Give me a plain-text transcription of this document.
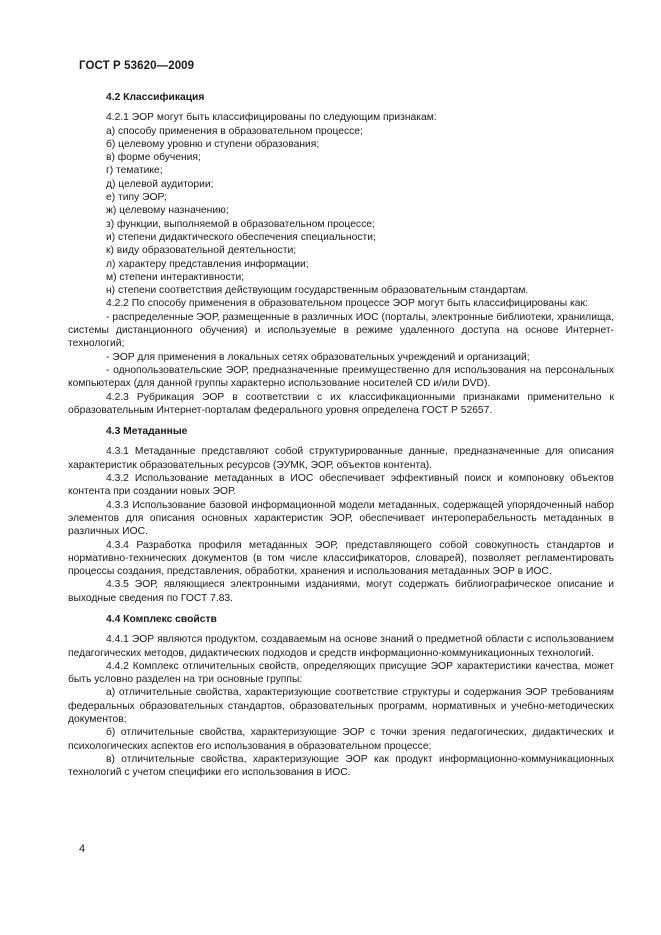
ГОСТ Р 53620—2009

4.2 Классификация

4.2.1 ЭОР могут быть классифицированы по следующим признакам:

а) способу применения в образовательном процессе;

б) целевому уровню и ступени образования;

в) форме обучения;

г) тематике;

д) целевой аудитории;

е) типу ЭОР;

ж) целевому назначению;

з) функции, выполняемой в образовательном процессе;

и) степени дидактического обеспечения специальности;

к) виду образовательной деятельности;

л) характеру представления информации;

м) степени интерактивности;

н) степени соответствия действующим государственным образовательным стандартам.

4.2.2 По способу применения в образовательном процессе ЭОР могут быть классифицированы как:

- распределенные ЭОР, размещенные в различных ИОС (порталы, электронные библиотеки, хранилища, системы дистанционного обучения) и используемые в режиме удаленного доступа на основе Интернет-технологий;

- ЭОР для применения в локальных сетях образовательных учреждений и организаций;

- однопользовательские ЭОР, предназначенные преимущественно для использования на персональных компьютерах (для данной группы характерно использование носителей CD и/или DVD).

4.2.3 Рубрикация ЭОР в соответствии с их классификационными признаками применительно к образовательным Интернет-порталам федерального уровня определена ГОСТ Р 52657.

4.3 Метаданные

4.3.1 Метаданные представляют собой структурированные данные, предназначенные для описания характеристик образовательных ресурсов (ЭУМК, ЭОР, объектов контента).

4.3.2 Использование метаданных в ИОС обеспечивает эффективный поиск и компоновку объектов контента при создании новых ЭОР.

4.3.3 Использование базовой информационной модели метаданных, содержащей упорядоченный набор элементов для описания основных характеристик ЭОР, обеспечивает интероперабельность метаданных в различных ИОС.

4.3.4 Разработка профиля метаданных ЭОР, представляющего собой совокупность стандартов и нормативно-технических документов (в том числе классификаторов, словарей), позволяет регламентировать процессы создания, представления, обработки, хранения и использования метаданных ЭОР в ИОС.

4.3.5 ЭОР, являющиеся электронными изданиями, могут содержать библиографическое описание и выходные сведения по ГОСТ 7.83.

4.4 Комплекс свойств

4.4.1 ЭОР являются продуктом, создаваемым на основе знаний о предметной области с использованием педагогических методов, дидактических подходов и средств информационно-коммуникационных технологий.

4.4.2 Комплекс отличительных свойств, определяющих присущие ЭОР характеристики качества, может быть условно разделен на три основные группы:

а) отличительные свойства, характеризующие соответствие структуры и содержания ЭОР требованиям федеральных образовательных стандартов, образовательных программ, нормативных и учебно-методических документов;

б) отличительные свойства, характеризующие ЭОР с точки зрения педагогических, дидактических и психологических аспектов его использования в образовательном процессе;

в) отличительные свойства, характеризующие ЭОР как продукт информационно-коммуникационных технологий с учетом специфики его использования в ИОС.

4
